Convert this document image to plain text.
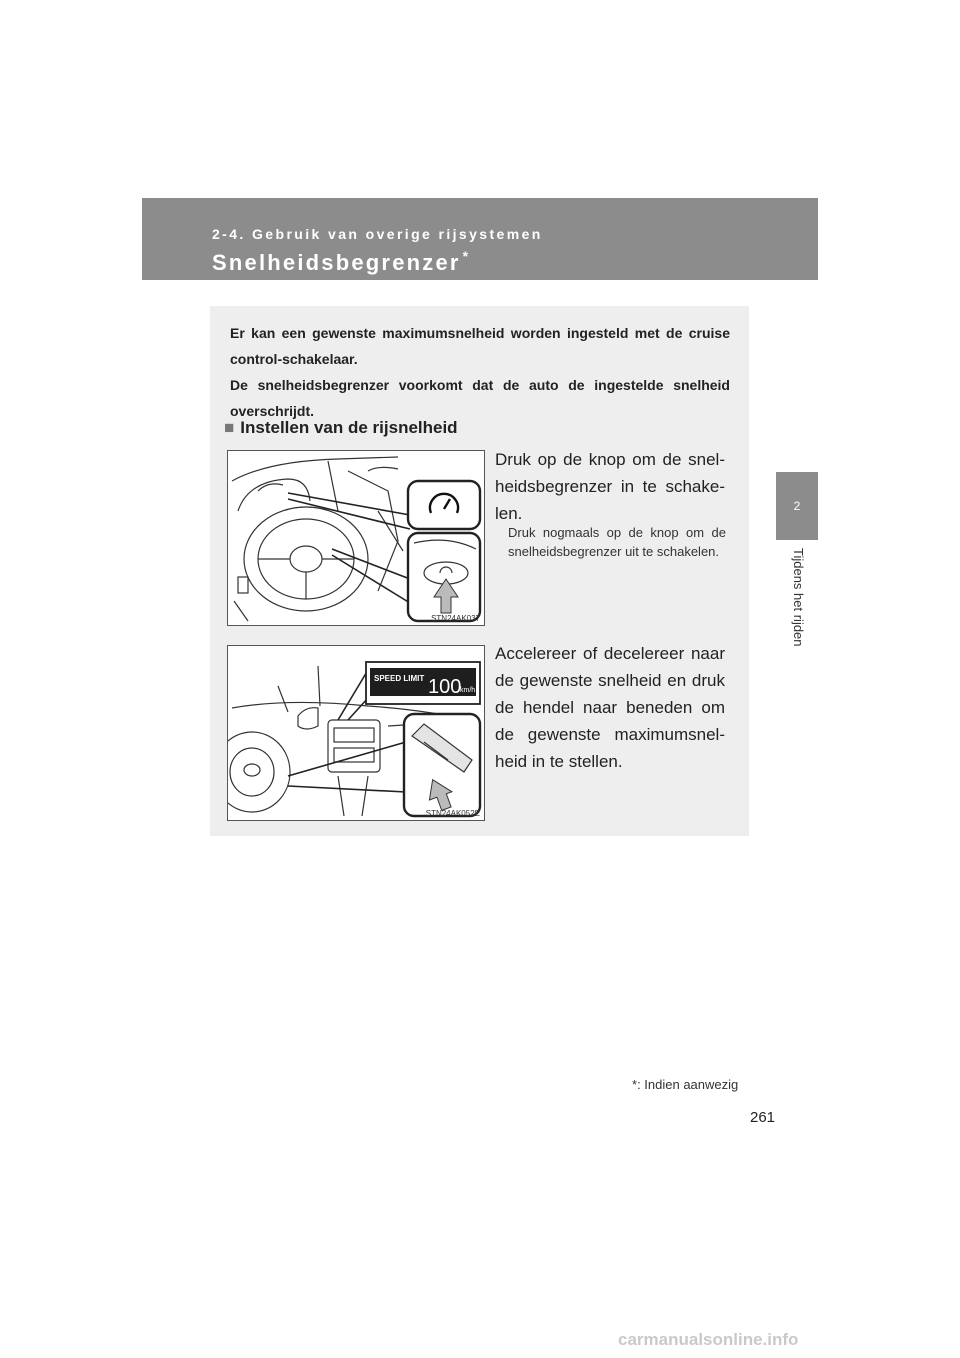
2-4. Gebruik van overige rijsystemen
Snelheidsbegrenzer *
2
Tijdens het rijden

Er kan een gewenste maximumsnelheid worden ingesteld met de cruise control-schakelaar.

De snelheidsbegrenzer voorkomt dat de auto de ingestelde snelheid overschrijdt.

■ Instellen van de rijsnelheid
STN24AK037
Druk op de knop om de snel-heidsbegrenzer in te schake-len.
Druk nogmaals op de knop om de snelheidsbegrenzer uit te schakelen.
SPEED LIMIT 100
km/h
STN24AK052E
Accelereer of decelereer naar de gewenste snelheid en druk de hendel naar beneden om de gewenste maximumsnel-heid in te stellen.
*: Indien aanwezig
261
carmanualsonline.info
